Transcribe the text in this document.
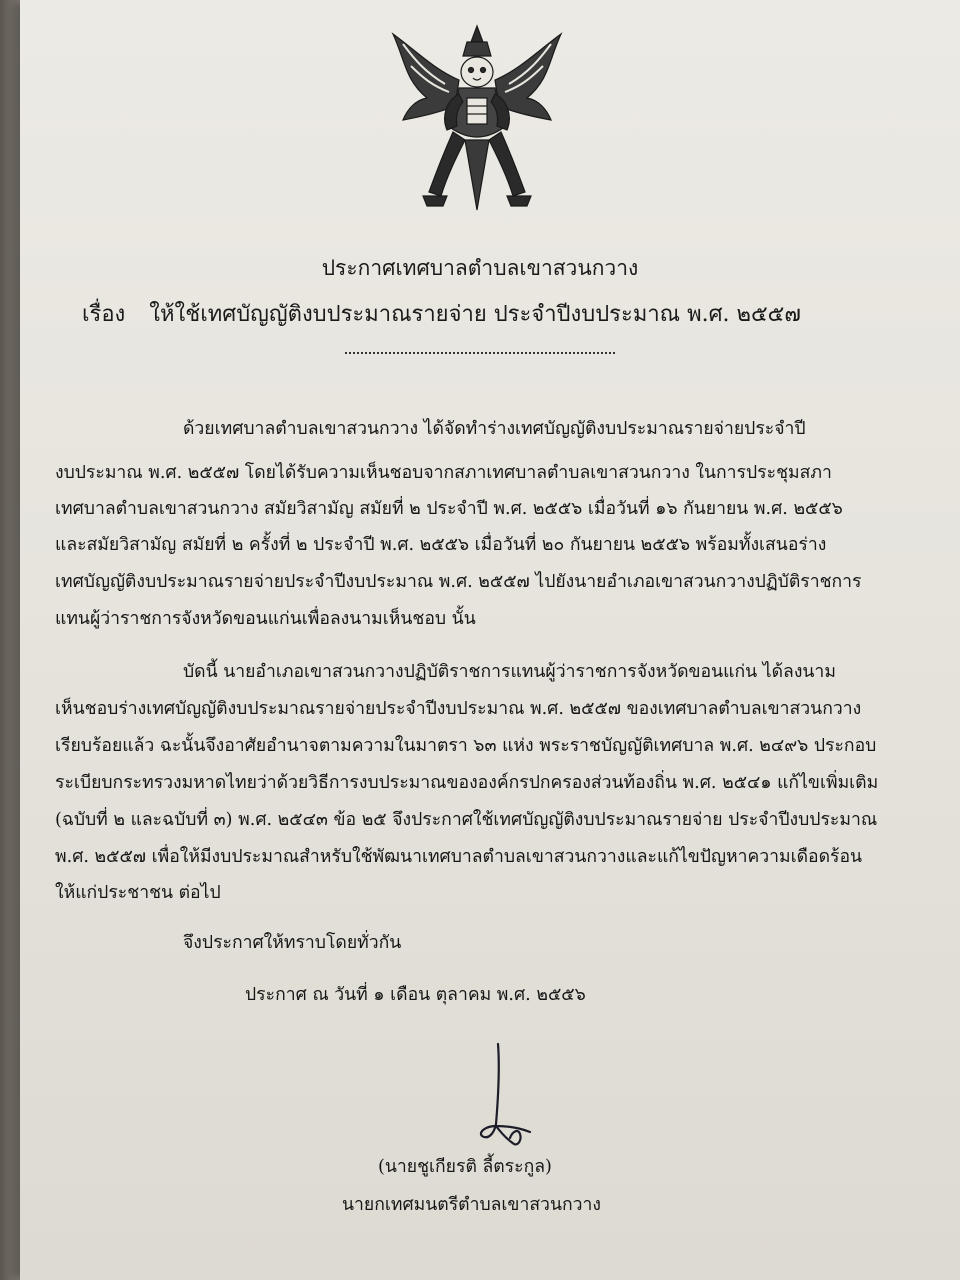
ประกาศเทศบาลตำบลเขาสวนกวาง
เรื่อง ให้ใช้เทศบัญญัติงบประมาณรายจ่าย ประจำปีงบประมาณ พ.ศ. ๒๕๕๗
ด้วยเทศบาลตำบลเขาสวนกวาง ได้จัดทำร่างเทศบัญญัติงบประมาณรายจ่ายประจำปี
งบประมาณ พ.ศ. ๒๕๕๗ โดยได้รับความเห็นชอบจากสภาเทศบาลตำบลเขาสวนกวาง ในการประชุมสภา
เทศบาลตำบลเขาสวนกวาง สมัยวิสามัญ สมัยที่ ๒ ประจำปี พ.ศ. ๒๕๕๖ เมื่อวันที่ ๑๖ กันยายน พ.ศ. ๒๕๕๖
และสมัยวิสามัญ สมัยที่ ๒ ครั้งที่ ๒ ประจำปี พ.ศ. ๒๕๕๖ เมื่อวันที่ ๒๐ กันยายน ๒๕๕๖ พร้อมทั้งเสนอร่าง
เทศบัญญัติงบประมาณรายจ่ายประจำปีงบประมาณ พ.ศ. ๒๕๕๗ ไปยังนายอำเภอเขาสวนกวางปฏิบัติราชการ
แทนผู้ว่าราชการจังหวัดขอนแก่นเพื่อลงนามเห็นชอบ นั้น
บัดนี้ นายอำเภอเขาสวนกวางปฏิบัติราชการแทนผู้ว่าราชการจังหวัดขอนแก่น ได้ลงนาม
เห็นชอบร่างเทศบัญญัติงบประมาณรายจ่ายประจำปีงบประมาณ พ.ศ. ๒๕๕๗ ของเทศบาลตำบลเขาสวนกวาง
เรียบร้อยแล้ว ฉะนั้นจึงอาศัยอำนาจตามความในมาตรา ๖๓ แห่ง พระราชบัญญัติเทศบาล พ.ศ. ๒๔๙๖ ประกอบ
ระเบียบกระทรวงมหาดไทยว่าด้วยวิธีการงบประมาณขององค์กรปกครองส่วนท้องถิ่น พ.ศ. ๒๕๔๑ แก้ไขเพิ่มเติม
(ฉบับที่ ๒ และฉบับที่ ๓) พ.ศ. ๒๕๔๓ ข้อ ๒๕ จึงประกาศใช้เทศบัญญัติงบประมาณรายจ่าย ประจำปีงบประมาณ
พ.ศ. ๒๕๕๗ เพื่อให้มีงบประมาณสำหรับใช้พัฒนาเทศบาลตำบลเขาสวนกวางและแก้ไขปัญหาความเดือดร้อน
ให้แก่ประชาชน ต่อไป
จึงประกาศให้ทราบโดยทั่วกัน
ประกาศ ณ วันที่ ๑ เดือน ตุลาคม พ.ศ. ๒๕๕๖
(นายชูเกียรติ ลี้ตระกูล)
นายกเทศมนตรีตำบลเขาสวนกวาง
